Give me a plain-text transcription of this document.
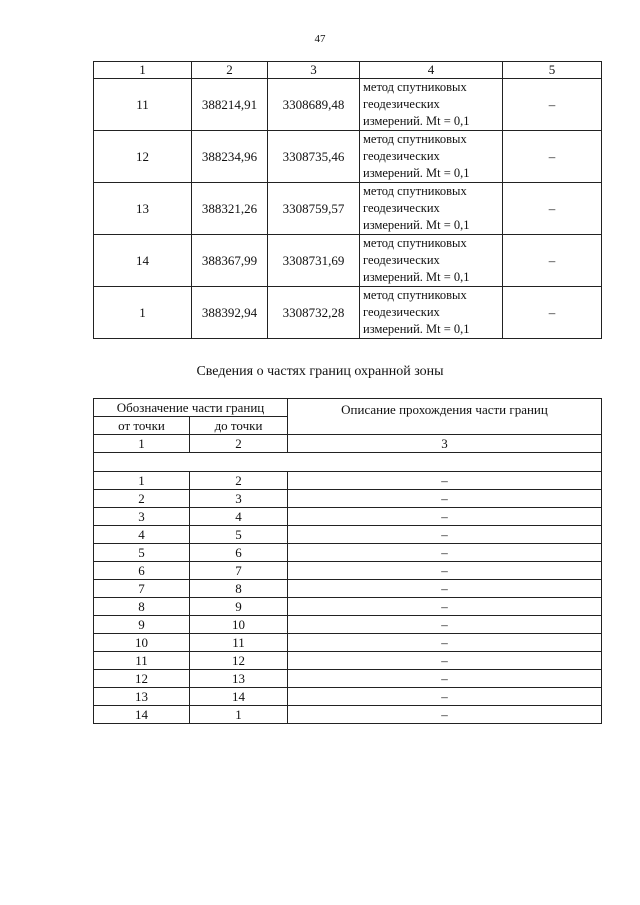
47
1	2	3	4	5
11	388214,91	3308689,48	метод спутниковых
геодезических
измерений. Mt = 0,1	–
12	388234,96	3308735,46	метод спутниковых
геодезических
измерений. Mt = 0,1	–
13	388321,26	3308759,57	метод спутниковых
геодезических
измерений. Mt = 0,1	–
14	388367,99	3308731,69	метод спутниковых
геодезических
измерений. Mt = 0,1	–
1	388392,94	3308732,28	метод спутниковых
геодезических
измерений. Mt = 0,1	–
Сведения о частях границ охранной зоны
Обозначение части границ		Описание прохождения части границ
от точки	до точки	
1	2	3

1	2	–
2	3	–
3	4	–
4	5	–
5	6	–
6	7	–
7	8	–
8	9	–
9	10	–
10	11	–
11	12	–
12	13	–
13	14	–
14	1	–
